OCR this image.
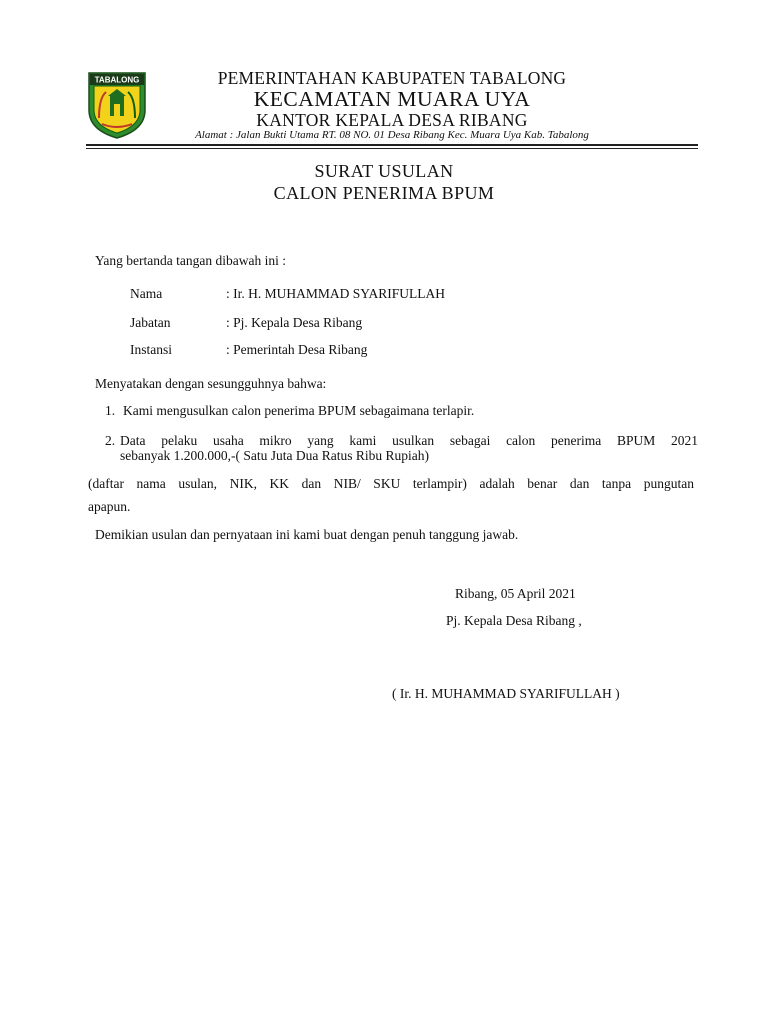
TABALONG	PEMERINTAHAN KABUPATEN TABALONG
KECAMATAN MUARA UYA
KANTOR KEPALA DESA RIBANG
Alamat : Jalan Bukti Utama RT. 08 NO. 01 Desa Ribang Kec. Muara Uya Kab. Tabalong
SURAT USULAN
CALON PENERIMA BPUM
Yang bertanda tangan dibawah ini :
Nama	: Ir. H. MUHAMMAD SYARIFULLAH
Jabatan	: Pj. Kepala Desa Ribang
Instansi	: Pemerintah Desa Ribang
Menyatakan dengan sesungguhnya bahwa:
1. Kami mengusulkan calon penerima BPUM sebagaimana terlapir.
2. Data pelaku usaha mikro yang kami usulkan sebagai calon penerima BPUM 2021
sebanyak 1.200.000,-( Satu Juta Dua Ratus Ribu Rupiah)
(daftar nama usulan, NIK, KK dan NIB/ SKU terlampir) adalah benar dan tanpa pungutan
apapun.
Demikian usulan dan pernyataan ini kami buat dengan penuh tanggung jawab.
Ribang, 05 April 2021
Pj. Kepala Desa Ribang ,
( Ir. H. MUHAMMAD SYARIFULLAH )
